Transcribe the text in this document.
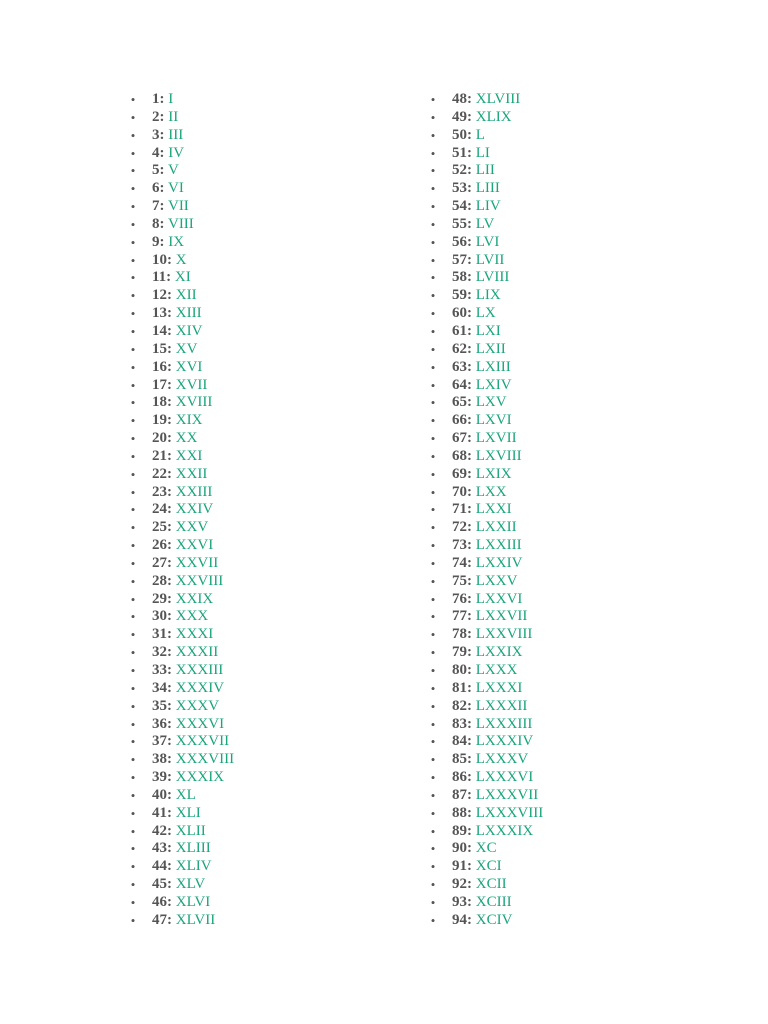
• 1: I
• 2: II
• 3: III
• 4: IV
• 5: V
• 6: VI
• 7: VII
• 8: VIII
• 9: IX
• 10: X
• 11: XI
• 12: XII
• 13: XIII
• 14: XIV
• 15: XV
• 16: XVI
• 17: XVII
• 18: XVIII
• 19: XIX
• 20: XX
• 21: XXI
• 22: XXII
• 23: XXIII
• 24: XXIV
• 25: XXV
• 26: XXVI
• 27: XXVII
• 28: XXVIII
• 29: XXIX
• 30: XXX
• 31: XXXI
• 32: XXXII
• 33: XXXIII
• 34: XXXIV
• 35: XXXV
• 36: XXXVI
• 37: XXXVII
• 38: XXXVIII
• 39: XXXIX
• 40: XL
• 41: XLI
• 42: XLII
• 43: XLIII
• 44: XLIV
• 45: XLV
• 46: XLVI
• 47: XLVII
• 48: XLVIII
• 49: XLIX
• 50: L
• 51: LI
• 52: LII
• 53: LIII
• 54: LIV
• 55: LV
• 56: LVI
• 57: LVII
• 58: LVIII
• 59: LIX
• 60: LX
• 61: LXI
• 62: LXII
• 63: LXIII
• 64: LXIV
• 65: LXV
• 66: LXVI
• 67: LXVII
• 68: LXVIII
• 69: LXIX
• 70: LXX
• 71: LXXI
• 72: LXXII
• 73: LXXIII
• 74: LXXIV
• 75: LXXV
• 76: LXXVI
• 77: LXXVII
• 78: LXXVIII
• 79: LXXIX
• 80: LXXX
• 81: LXXXI
• 82: LXXXII
• 83: LXXXIII
• 84: LXXXIV
• 85: LXXXV
• 86: LXXXVI
• 87: LXXXVII
• 88: LXXXVIII
• 89: LXXXIX
• 90: XC
• 91: XCI
• 92: XCII
• 93: XCIII
• 94: XCIV
